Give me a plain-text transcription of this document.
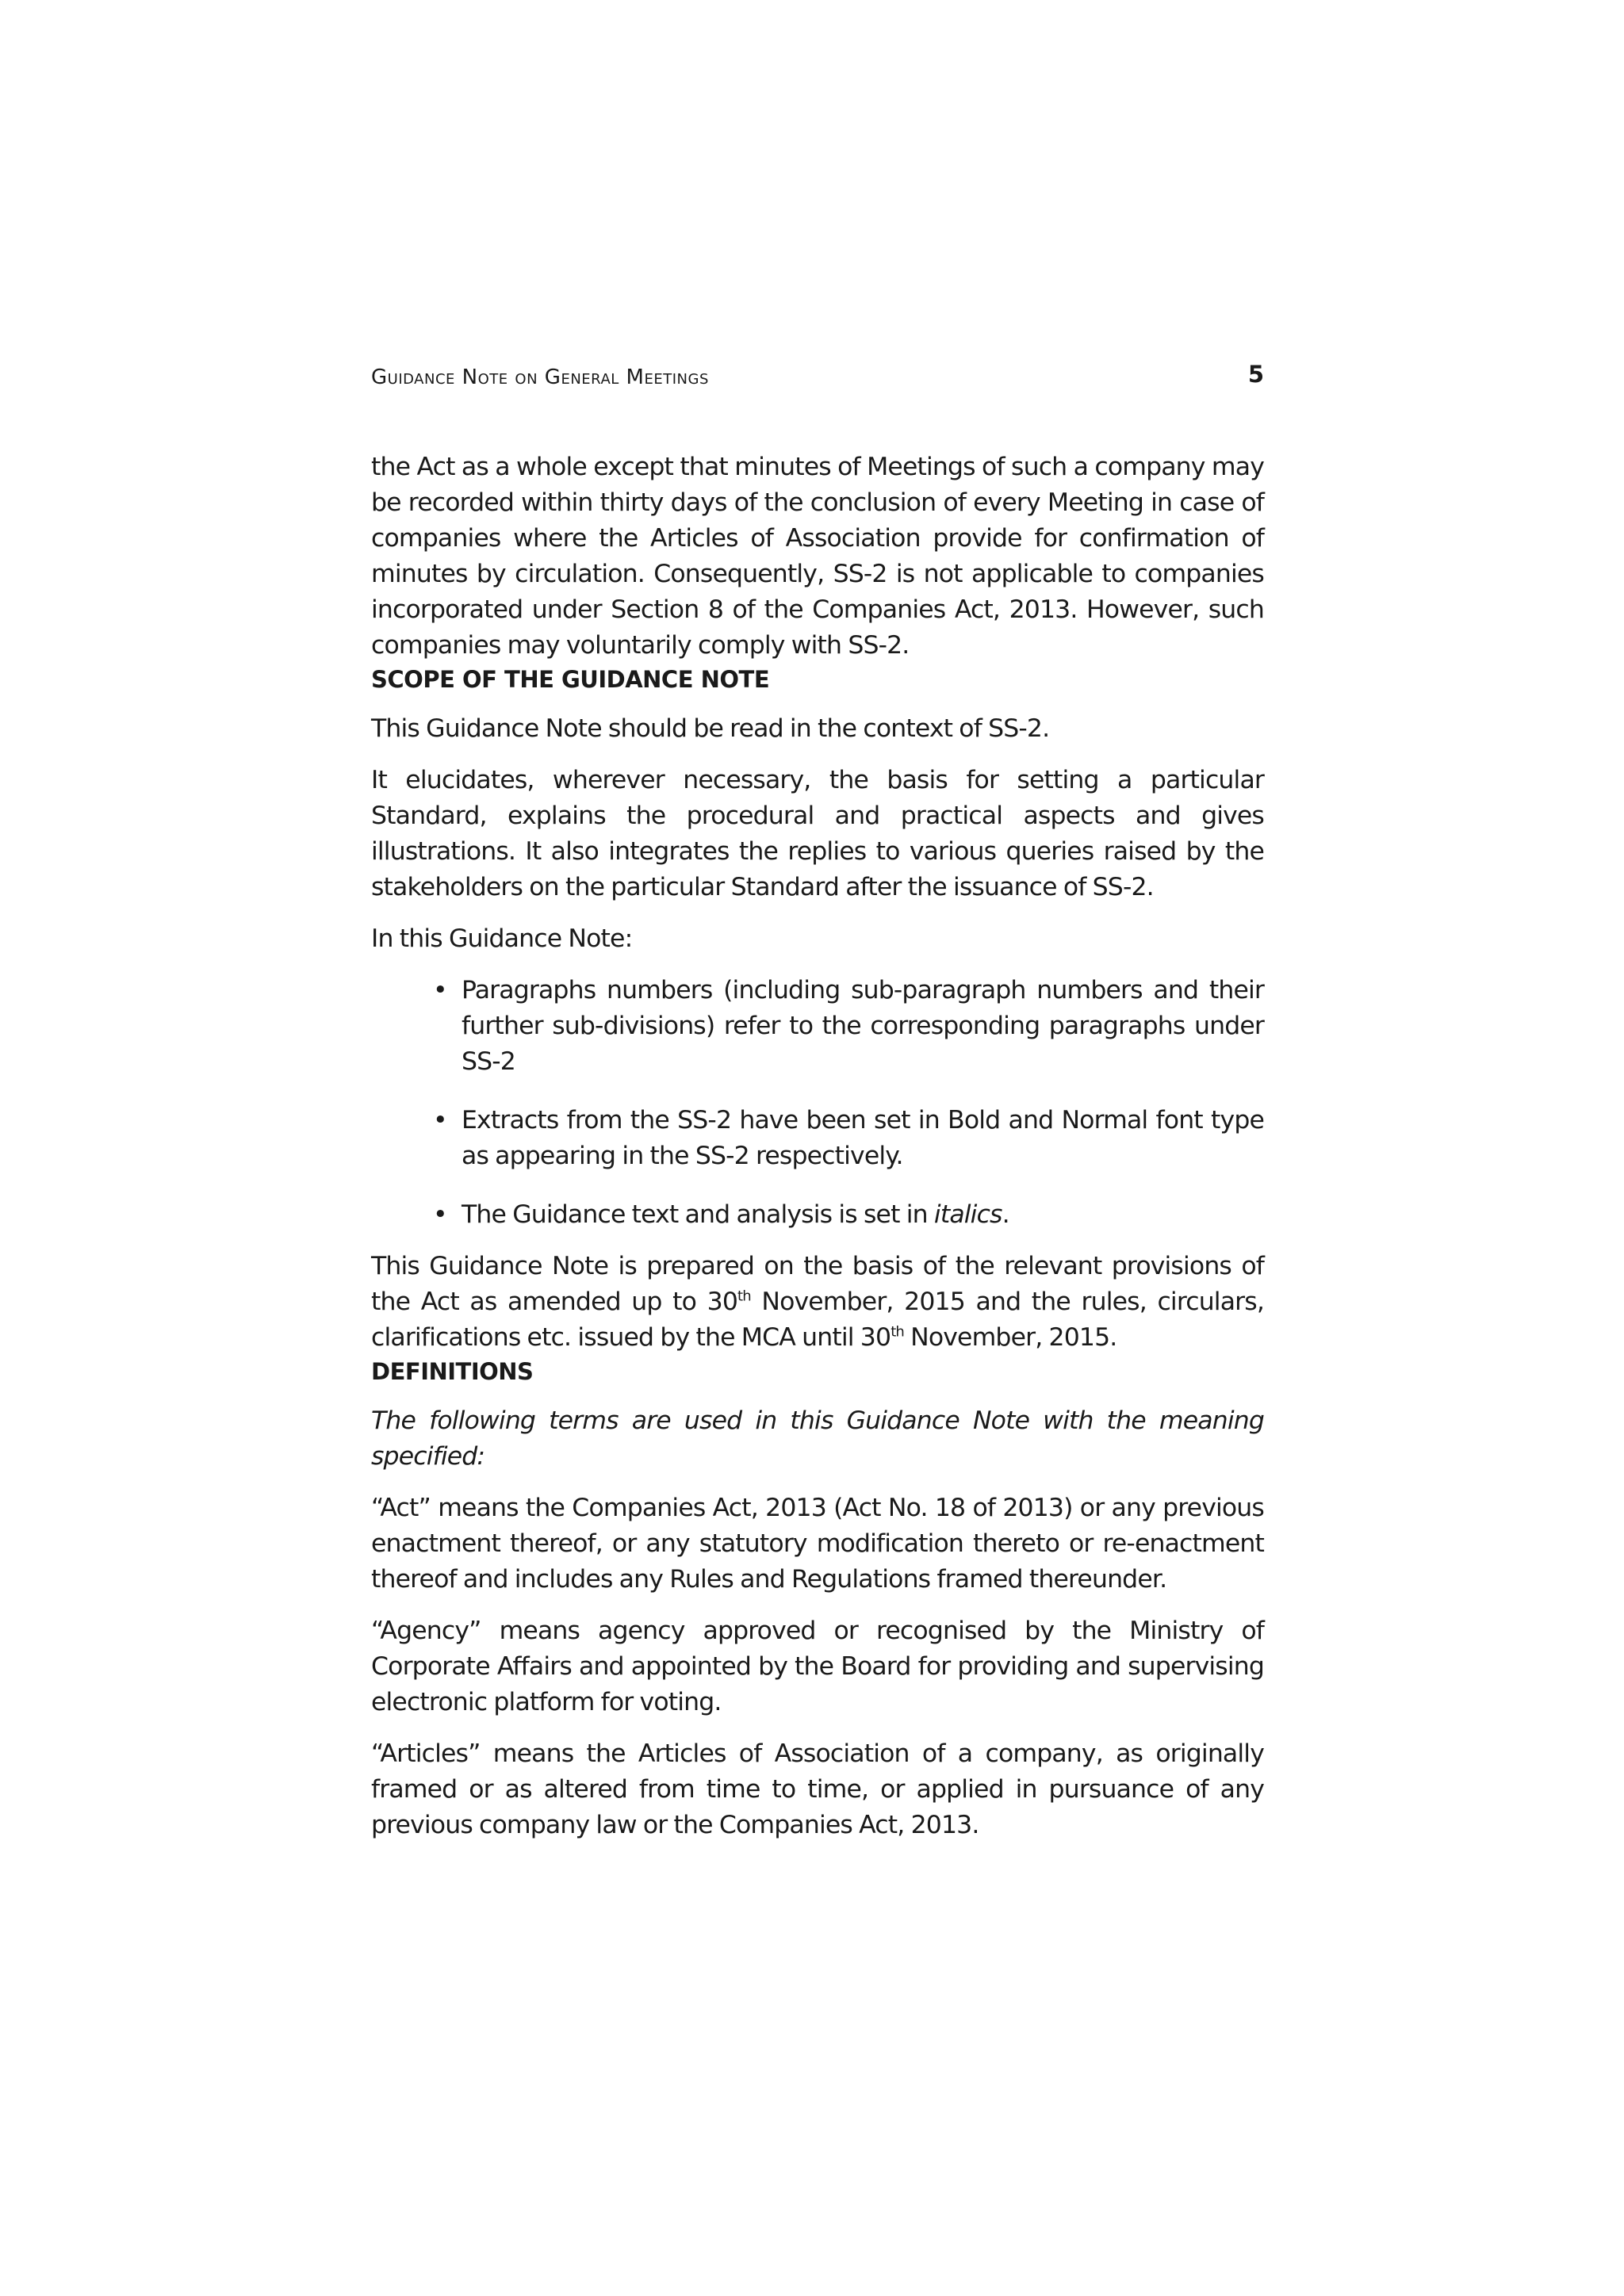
Guidance Note on General Meetings	5

the Act as a whole except that minutes of Meetings of such a company may be recorded within thirty days of the conclusion of every Meeting in case of companies where the Articles of Association provide for confirmation of minutes by circulation. Consequently, SS-2 is not applicable to companies incorporated under Section 8 of the Companies Act, 2013. However, such companies may voluntarily comply with SS-2.

SCOPE OF THE GUIDANCE NOTE

This Guidance Note should be read in the context of SS-2.

It elucidates, wherever necessary, the basis for setting a particular Standard, explains the procedural and practical aspects and gives illustrations. It also integrates the replies to various queries raised by the stakeholders on the particular Standard after the issuance of SS-2.

In this Guidance Note:

• Paragraphs numbers (including sub-paragraph numbers and their further sub-divisions) refer to the corresponding paragraphs under SS-2
• Extracts from the SS-2 have been set in Bold and Normal font type as appearing in the SS-2 respectively.
• The Guidance text and analysis is set in italics.

This Guidance Note is prepared on the basis of the relevant provisions of the Act as amended up to 30th November, 2015 and the rules, circulars, clarifications etc. issued by the MCA until 30th November, 2015.

DEFINITIONS

The following terms are used in this Guidance Note with the meaning specified:

“Act” means the Companies Act, 2013 (Act No. 18 of 2013) or any previous enactment thereof, or any statutory modification thereto or re-enactment thereof and includes any Rules and Regulations framed thereunder.

“Agency” means agency approved or recognised by the Ministry of Corporate Affairs and appointed by the Board for providing and supervising electronic platform for voting.

“Articles” means the Articles of Association of a company, as originally framed or as altered from time to time, or applied in pursuance of any previous company law or the Companies Act, 2013.
